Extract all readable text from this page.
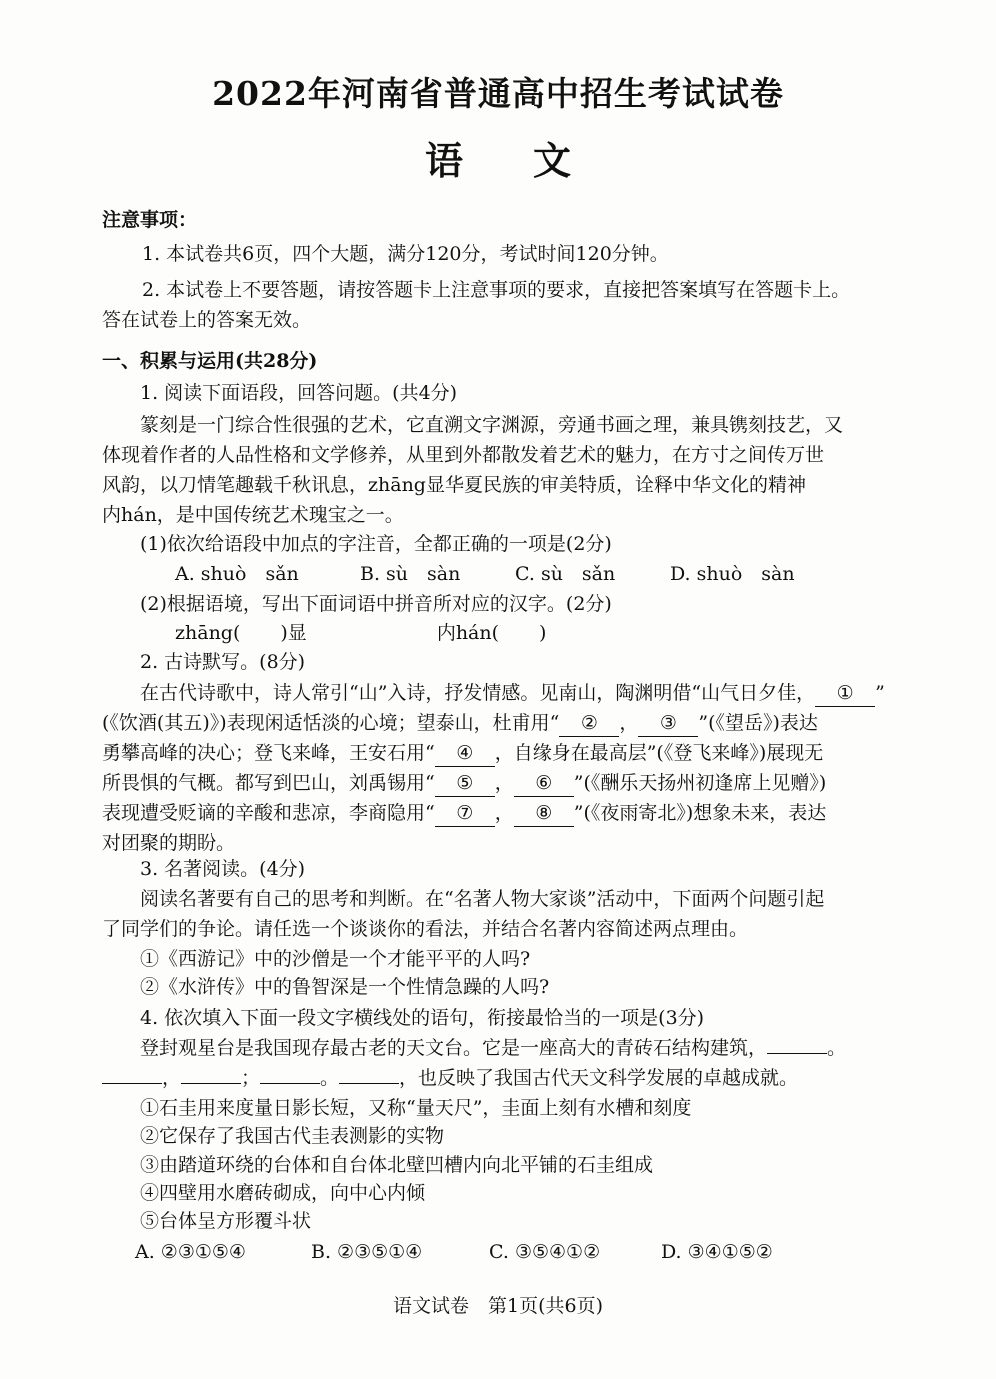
2022年河南省普通高中招生考试试卷
语文
注意事项：
1. 本试卷共6页，四个大题，满分120分，考试时间120分钟。
2. 本试卷上不要答题，请按答题卡上注意事项的要求，直接把答案填写在答题卡上。
答在试卷上的答案无效。
一、积累与运用(共28分)
1. 阅读下面语段，回答问题。(共4分)
篆刻是一门综合性很强的艺术，它直溯文字渊源，旁通书画之理，兼具镌刻技艺，又
体现着作者的人品性格和文学修养，从里到外都散发着艺术的魅力，在方寸之间传万世
风韵，以刀情笔趣载千秋讯息，zhāng显华夏民族的审美特质，诠释中华文化的精神
内hán，是中国传统艺术瑰宝之一。
(1)依次给语段中加点的字注音，全都正确的一项是(2分)
A. shuò　sǎn	B. sù　sàn	C. sù　sǎn	D. shuò　sàn
(2)根据语境，写出下面词语中拼音所对应的汉字。(2分)
zhāng( )显	内hán( )
2. 古诗默写。(8分)
在古代诗歌中，诗人常引“山”入诗，抒发情感。见南山，陶渊明借“山气日夕佳， ① ”
(《饮酒(其五)》)表现闲适恬淡的心境；望泰山，杜甫用“ ② ， ③ ”(《望岳》)表达
勇攀高峰的决心；登飞来峰，王安石用“ ④ ，自缘身在最高层”(《登飞来峰》)展现无
所畏惧的气概。都写到巴山，刘禹锡用“ ⑤ ， ⑥ ”(《酬乐天扬州初逢席上见赠》)
表现遭受贬谪的辛酸和悲凉，李商隐用“ ⑦ ， ⑧ ”(《夜雨寄北》)想象未来，表达
对团聚的期盼。
3. 名著阅读。(4分)
阅读名著要有自己的思考和判断。在“名著人物大家谈”活动中，下面两个问题引起
了同学们的争论。请任选一个谈谈你的看法，并结合名著内容简述两点理由。
①《西游记》中的沙僧是一个才能平平的人吗?
②《水浒传》中的鲁智深是一个性情急躁的人吗?
4. 依次填入下面一段文字横线处的语句，衔接最恰当的一项是(3分)
登封观星台是我国现存最古老的天文台。它是一座高大的青砖石结构建筑，	。
，	；	。	，也反映了我国古代天文科学发展的卓越成就。
①石圭用来度量日影长短，又称“量天尺”，圭面上刻有水槽和刻度
②它保存了我国古代圭表测影的实物
③由踏道环绕的台体和自台体北壁凹槽内向北平铺的石圭组成
④四壁用水磨砖砌成，向中心内倾
⑤台体呈方形覆斗状
A. ②③①⑤④	B. ②③⑤①④	C. ③⑤④①②	D. ③④①⑤②
语文试卷　第1页(共6页)
